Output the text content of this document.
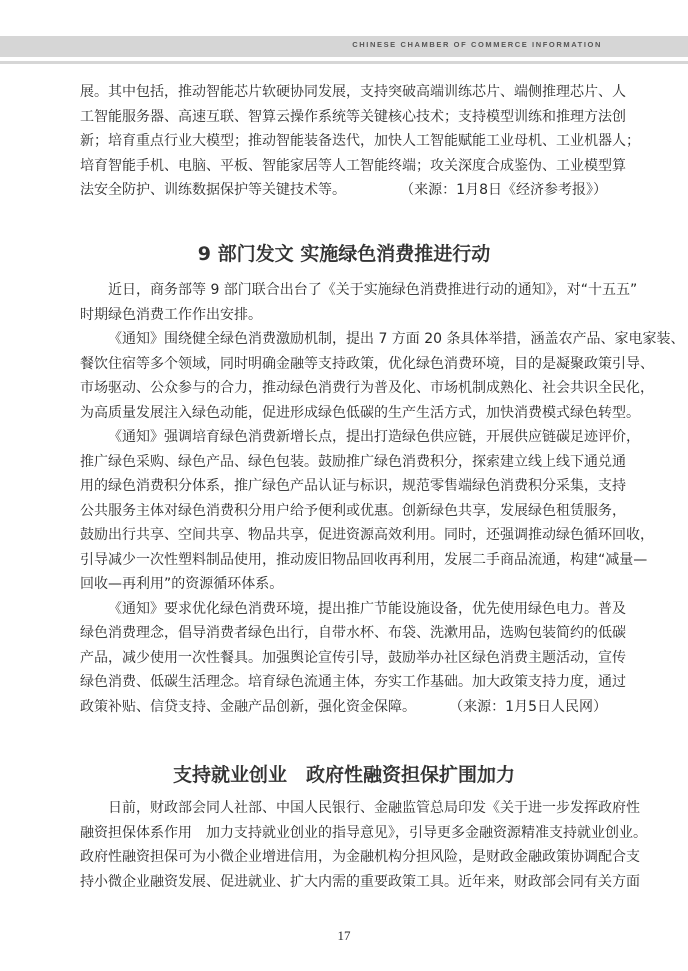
CHINESE CHAMBER OF COMMERCE INFORMATION
展。其中包括，推动智能芯片软硬协同发展，支持突破高端训练芯片、端侧推理芯片、人
工智能服务器、高速互联、智算云操作系统等关键核心技术；支持模型训练和推理方法创
新；培育重点行业大模型；推动智能装备迭代，加快人工智能赋能工业母机、工业机器人；
培育智能手机、电脑、平板、智能家居等人工智能终端；攻关深度合成鉴伪、工业模型算
法安全防护、训练数据保护等关键技术等。	（来源：1月8日《经济参考报》）
9 部门发文 实施绿色消费推进行动
近日，商务部等 9 部门联合出台了《关于实施绿色消费推进行动的通知》，对“十五五”
时期绿色消费工作作出安排。
《通知》围绕健全绿色消费激励机制，提出 7 方面 20 条具体举措，涵盖农产品、家电家装、
餐饮住宿等多个领域，同时明确金融等支持政策，优化绿色消费环境，目的是凝聚政策引导、
市场驱动、公众参与的合力，推动绿色消费行为普及化、市场机制成熟化、社会共识全民化，
为高质量发展注入绿色动能，促进形成绿色低碳的生产生活方式，加快消费模式绿色转型。
《通知》强调培育绿色消费新增长点，提出打造绿色供应链，开展供应链碳足迹评价，
推广绿色采购、绿色产品、绿色包装。鼓励推广绿色消费积分，探索建立线上线下通兑通
用的绿色消费积分体系，推广绿色产品认证与标识，规范零售端绿色消费积分采集，支持
公共服务主体对绿色消费积分用户给予便利或优惠。创新绿色共享，发展绿色租赁服务，
鼓励出行共享、空间共享、物品共享，促进资源高效利用。同时，还强调推动绿色循环回收，
引导减少一次性塑料制品使用，推动废旧物品回收再利用，发展二手商品流通，构建“减量—
回收—再利用”的资源循环体系。
《通知》要求优化绿色消费环境，提出推广节能设施设备，优先使用绿色电力。普及
绿色消费理念，倡导消费者绿色出行，自带水杯、布袋、洗漱用品，选购包装简约的低碳
产品，减少使用一次性餐具。加强舆论宣传引导，鼓励举办社区绿色消费主题活动，宣传
绿色消费、低碳生活理念。培育绿色流通主体，夯实工作基础。加大政策支持力度，通过
政策补贴、信贷支持、金融产品创新，强化资金保障。 （来源：1月5日人民网）
支持就业创业　政府性融资担保扩围加力
日前，财政部会同人社部、中国人民银行、金融监管总局印发《关于进一步发挥政府性
融资担保体系作用　加力支持就业创业的指导意见》，引导更多金融资源精准支持就业创业。
政府性融资担保可为小微企业增进信用，为金融机构分担风险，是财政金融政策协调配合支
持小微企业融资发展、促进就业、扩大内需的重要政策工具。近年来，财政部会同有关方面
17
